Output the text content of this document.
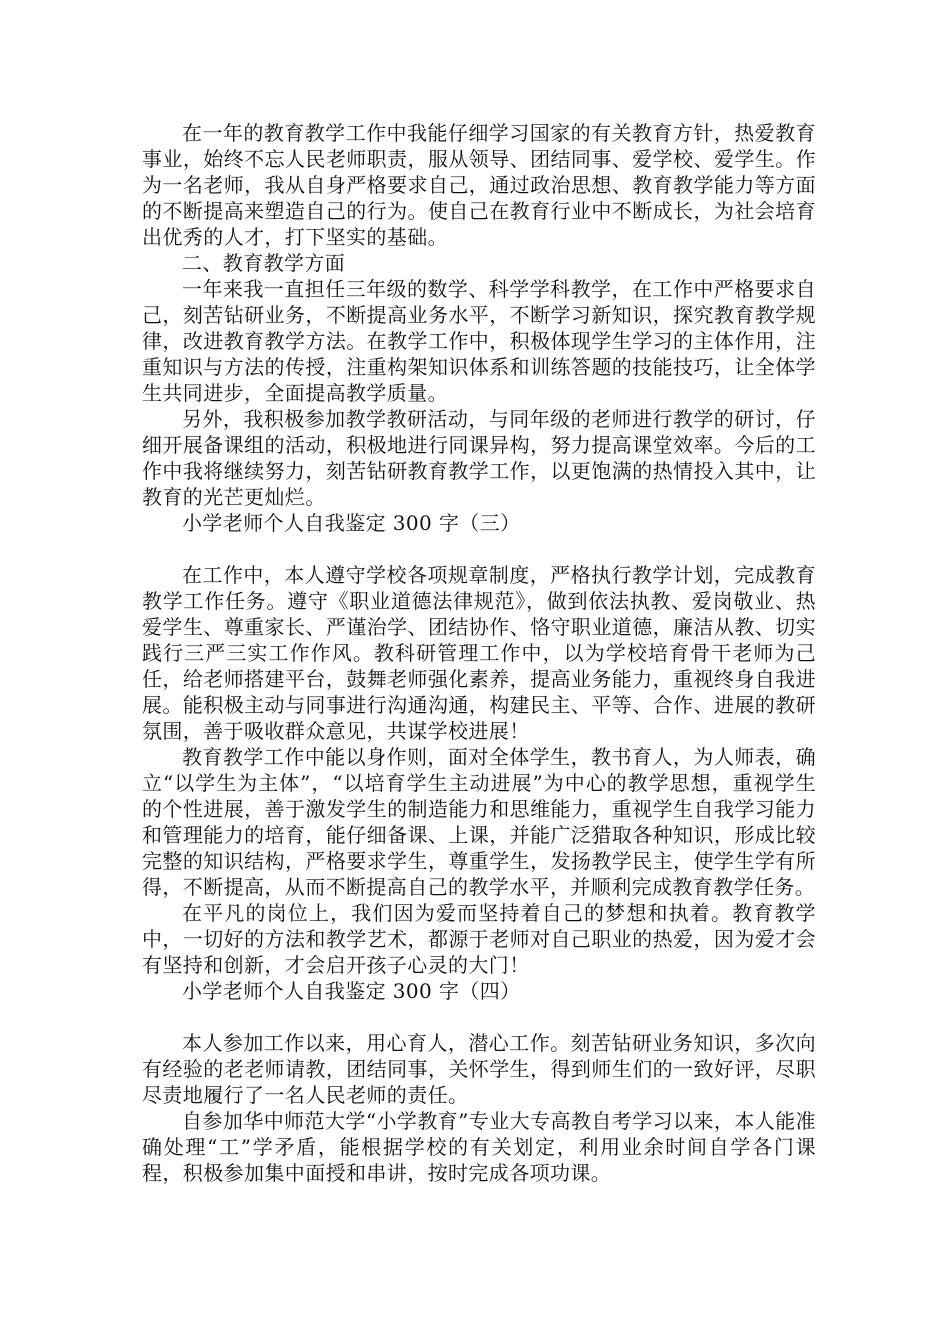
在一年的教育教学工作中我能仔细学习国家的有关教育方针，热爱教育事业，始终不忘人民老师职责，服从领导、团结同事、爱学校、爱学生。作为一名老师，我从自身严格要求自己，通过政治思想、教育教学能力等方面的不断提高来塑造自己的行为。使自己在教育行业中不断成长，为社会培育出优秀的人才，打下坚实的基础。

二、教育教学方面

一年来我一直担任三年级的数学、科学学科教学，在工作中严格要求自己，刻苦钻研业务，不断提高业务水平，不断学习新知识，探究教育教学规律，改进教育教学方法。在教学工作中，积极体现学生学习的主体作用，注重知识与方法的传授，注重构架知识体系和训练答题的技能技巧，让全体学生共同进步，全面提高教学质量。

另外，我积极参加教学教研活动，与同年级的老师进行教学的研讨，仔细开展备课组的活动，积极地进行同课异构，努力提高课堂效率。今后的工作中我将继续努力，刻苦钻研教育教学工作，以更饱满的热情投入其中，让教育的光芒更灿烂。

小学老师个人自我鉴定 300 字（三）

在工作中，本人遵守学校各项规章制度，严格执行教学计划，完成教育教学工作任务。遵守《职业道德法律规范》，做到依法执教、爱岗敬业、热爱学生、尊重家长、严谨治学、团结协作、恪守职业道德，廉洁从教、切实践行三严三实工作作风。教科研管理工作中，以为学校培育骨干老师为己任，给老师搭建平台，鼓舞老师强化素养，提高业务能力，重视终身自我进展。能积极主动与同事进行沟通沟通，构建民主、平等、合作、进展的教研氛围，善于吸收群众意见，共谋学校进展！

教育教学工作中能以身作则，面对全体学生，教书育人，为人师表，确立“以学生为主体”，“以培育学生主动进展”为中心的教学思想，重视学生的个性进展，善于激发学生的制造能力和思维能力，重视学生自我学习能力和管理能力的培育，能仔细备课、上课，并能广泛猎取各种知识，形成比较完整的知识结构，严格要求学生，尊重学生，发扬教学民主，使学生学有所得，不断提高，从而不断提高自己的教学水平，并顺利完成教育教学任务。

在平凡的岗位上，我们因为爱而坚持着自己的梦想和执着。教育教学中，一切好的方法和教学艺术，都源于老师对自己职业的热爱，因为爱才会有坚持和创新，才会启开孩子心灵的大门！

小学老师个人自我鉴定 300 字（四）

本人参加工作以来，用心育人，潜心工作。刻苦钻研业务知识，多次向有经验的老老师请教，团结同事，关怀学生，得到师生们的一致好评，尽职尽责地履行了一名人民老师的责任。

自参加华中师范大学“小学教育”专业大专高教自考学习以来，本人能准确处理“工”学矛盾，能根据学校的有关划定，利用业余时间自学各门课程，积极参加集中面授和串讲，按时完成各项功课。
